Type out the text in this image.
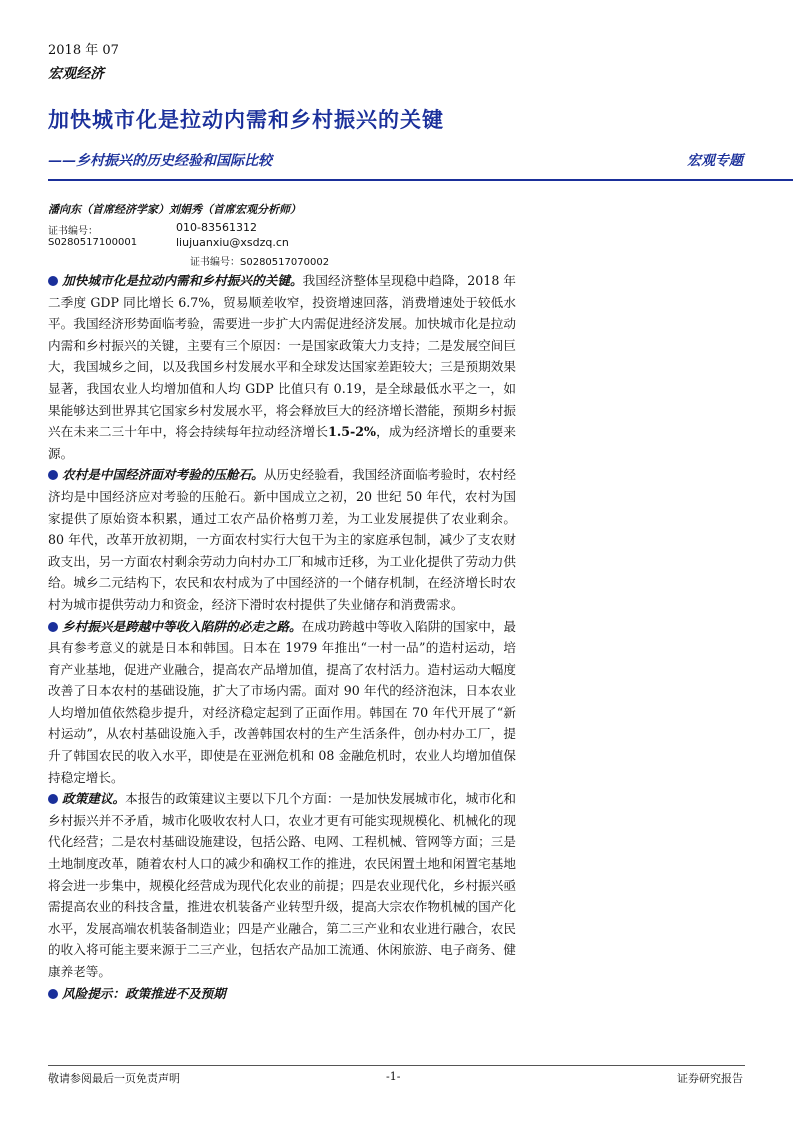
2018 年 07
宏观经济
加快城市化是拉动内需和乡村振兴的关键
——乡村振兴的历史经验和国际比较	宏观专题
潘向东（首席经济学家）刘娟秀（首席宏观分析师）
证书编号：	010-83561312
S0280517100001	liujuanxiu@xsdzq.cn
证书编号：S0280517070002

加快城市化是拉动内需和乡村振兴的关键。我国经济整体呈现稳中趋降，2018 年二季度 GDP 同比增长 6.7%，贸易顺差收窄，投资增速回落，消费增速处于较低水平。我国经济形势面临考验，需要进一步扩大内需促进经济发展。加快城市化是拉动内需和乡村振兴的关键，主要有三个原因：一是国家政策大力支持；二是发展空间巨大，我国城乡之间，以及我国乡村发展水平和全球发达国家差距较大；三是预期效果显著，我国农业人均增加值和人均 GDP 比值只有 0.19，是全球最低水平之一，如果能够达到世界其它国家乡村发展水平，将会释放巨大的经济增长潜能，预期乡村振兴在未来二三十年中，将会持续每年拉动经济增长1.5-2%，成为经济增长的重要来源。

农村是中国经济面对考验的压舱石。从历史经验看，我国经济面临考验时，农村经济均是中国经济应对考验的压舱石。新中国成立之初，20 世纪 50 年代，农村为国家提供了原始资本积累，通过工农产品价格剪刀差，为工业发展提供了农业剩余。80 年代，改革开放初期，一方面农村实行大包干为主的家庭承包制，减少了支农财政支出，另一方面农村剩余劳动力向村办工厂和城市迁移，为工业化提供了劳动力供给。城乡二元结构下，农民和农村成为了中国经济的一个储存机制，在经济增长时农村为城市提供劳动力和资金，经济下滑时农村提供了失业储存和消费需求。

乡村振兴是跨越中等收入陷阱的必走之路。在成功跨越中等收入陷阱的国家中，最具有参考意义的就是日本和韩国。日本在 1979 年推出“一村一品”的造村运动，培育产业基地，促进产业融合，提高农产品增加值，提高了农村活力。造村运动大幅度改善了日本农村的基础设施，扩大了市场内需。面对 90 年代的经济泡沫，日本农业人均增加值依然稳步提升，对经济稳定起到了正面作用。韩国在 70 年代开展了“新村运动”，从农村基础设施入手，改善韩国农村的生产生活条件，创办村办工厂，提升了韩国农民的收入水平，即使是在亚洲危机和 08 金融危机时，农业人均增加值保持稳定增长。

政策建议。本报告的政策建议主要以下几个方面：一是加快发展城市化，城市化和乡村振兴并不矛盾，城市化吸收农村人口，农业才更有可能实现规模化、机械化的现代化经营；二是农村基础设施建设，包括公路、电网、工程机械、管网等方面；三是土地制度改革，随着农村人口的减少和确权工作的推进，农民闲置土地和闲置宅基地将会进一步集中，规模化经营成为现代化农业的前提；四是农业现代化，乡村振兴亟需提高农业的科技含量，推进农机装备产业转型升级，提高大宗农作物机械的国产化水平，发展高端农机装备制造业；四是产业融合，第二三产业和农业进行融合，农民的收入将可能主要来源于二三产业，包括农产品加工流通、休闲旅游、电子商务、健康养老等。

风险提示：政策推进不及预期

敬请参阅最后一页免责声明	-1-	证券研究报告
